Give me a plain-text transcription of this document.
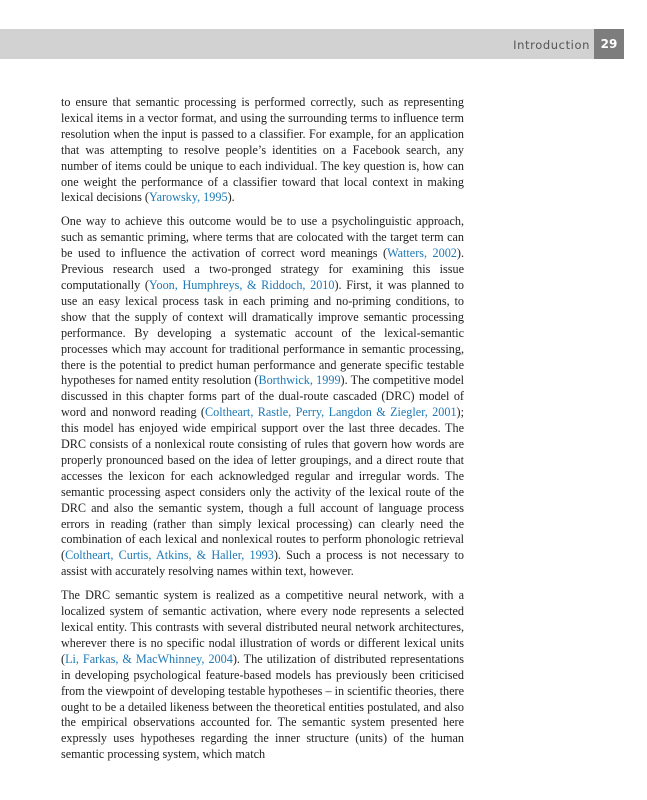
Introduction 29

to ensure that semantic processing is performed correctly, such as representing lexical items in a vector format, and using the surrounding terms to influence term resolution when the input is passed to a classifier. For example, for an application that was attempting to resolve people’s identities on a Facebook search, any number of items could be unique to each individual. The key question is, how can one weight the performance of a classifier toward that local context in making lexical decisions (Yarowsky, 1995).

One way to achieve this outcome would be to use a psycholinguistic approach, such as semantic priming, where terms that are colocated with the target term can be used to influence the activation of correct word meanings (Watters, 2002). Previous research used a two-pronged strategy for examining this issue computationally (Yoon, Humphreys, & Riddoch, 2010). First, it was planned to use an easy lexical process task in each priming and no-priming conditions, to show that the supply of context will dramatically improve semantic processing performance. By developing a systematic account of the lexical-semantic processes which may account for traditional performance in semantic processing, there is the potential to predict human performance and generate specific testable hypotheses for named entity resolution (Borthwick, 1999). The competitive model discussed in this chapter forms part of the dual-route cascaded (DRC) model of word and nonword reading (Coltheart, Rastle, Perry, Langdon & Ziegler, 2001); this model has enjoyed wide empirical support over the last three decades. The DRC consists of a nonlexical route consisting of rules that govern how words are properly pronounced based on the idea of letter groupings, and a direct route that accesses the lexicon for each acknowledged regular and irregular words. The semantic processing aspect considers only the activity of the lexical route of the DRC and also the semantic system, though a full account of language process errors in reading (rather than simply lexical processing) can clearly need the combination of each lexical and nonlexical routes to perform phonologic retrieval (Coltheart, Curtis, Atkins, & Haller, 1993). Such a process is not necessary to assist with accurately resolving names within text, however.

The DRC semantic system is realized as a competitive neural network, with a localized system of semantic activation, where every node represents a selected lexical entity. This contrasts with several distributed neural network architectures, wherever there is no specific nodal illustration of words or different lexical units (Li, Farkas, & MacWhinney, 2004). The utilization of distributed representations in developing psychological feature-based models has previously been criticised from the viewpoint of developing testable hypotheses – in scientific theories, there ought to be a detailed likeness between the theoretical entities postulated, and also the empirical observations accounted for. The semantic system presented here expressly uses hypotheses regarding the inner structure (units) of the human semantic processing system, which match
